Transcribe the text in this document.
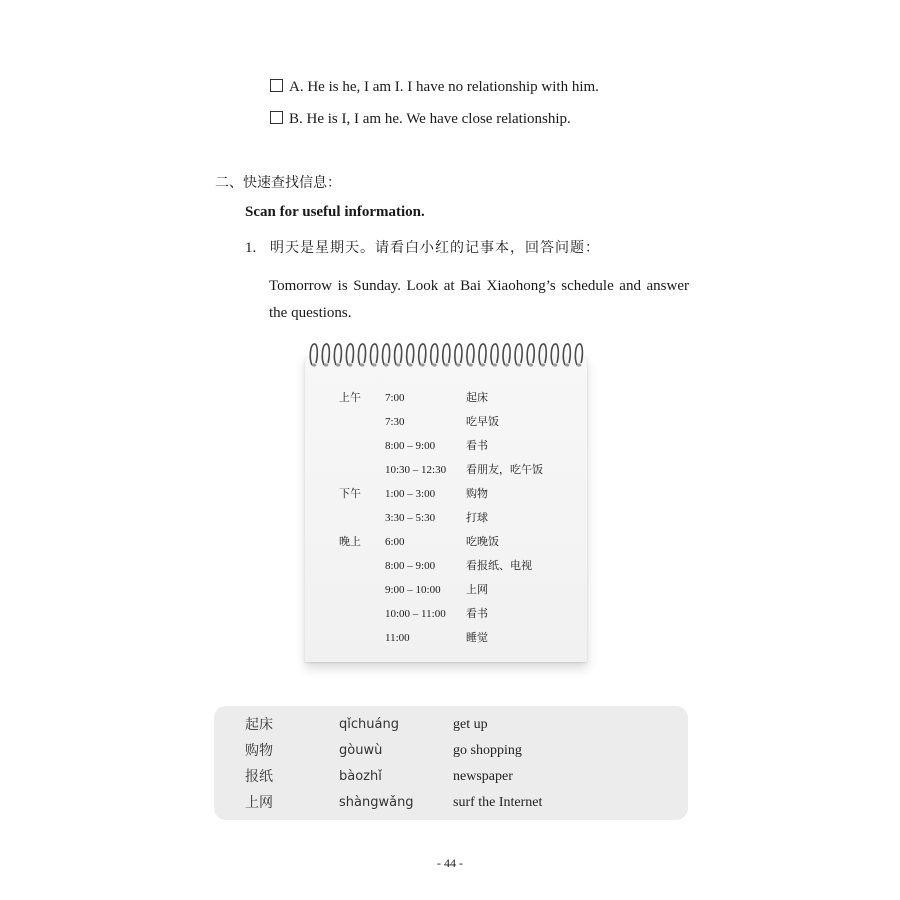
A. He is he, I am I. I have no relationship with him.
B. He is I, I am he. We have close relationship.
二、快速查找信息：
Scan for useful information.
1. 明天是星期天。请看白小红的记事本，回答问题：
Tomorrow is Sunday. Look at Bai Xiaohong’s schedule and answer the questions.
上午 7:00	起床
7:30	吃早饭
8:00 – 9:00	看书
10:30 – 12:30 看朋友，吃午饭
下午 1:00 – 3:00	购物
3:30 – 5:30	打球
晚上 6:00	吃晚饭
8:00 – 9:00	看报纸、电视
9:00 – 10:00 上网
10:00 – 11:00 看书
11:00	睡觉
起床	qǐchuáng	get up
购物	gòuwù	go shopping
报纸	bàozhǐ	newspaper
上网	shàngwǎng	surf the Internet
- 44 -
